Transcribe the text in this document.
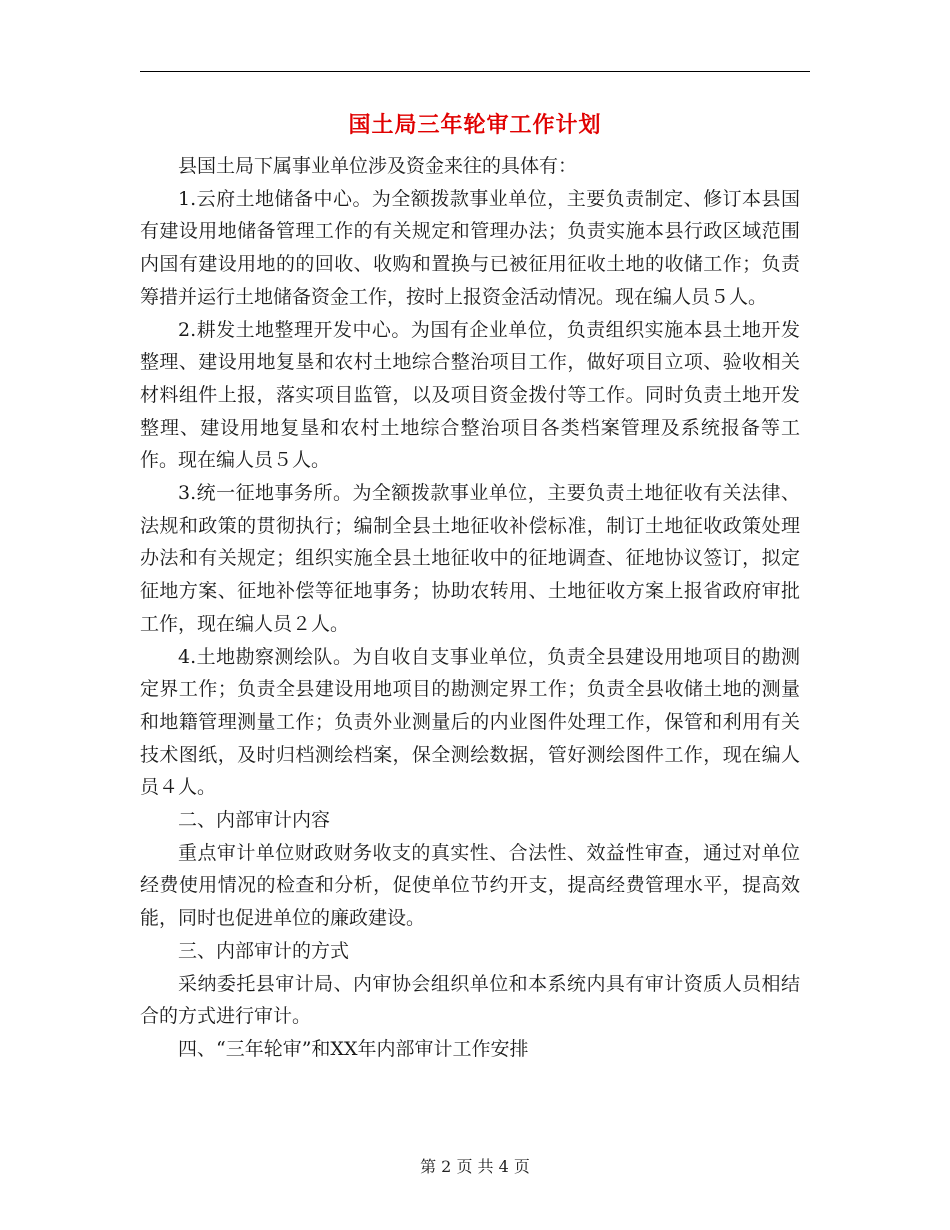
国土局三年轮审工作计划

县国土局下属事业单位涉及资金来往的具体有：

1.云府土地储备中心。为全额拨款事业单位，主要负责制定、修订本县国有建设用地储备管理工作的有关规定和管理办法；负责实施本县行政区域范围内国有建设用地的的回收、收购和置换与已被征用征收土地的收储工作；负责筹措并运行土地储备资金工作，按时上报资金活动情况。现在编人员５人。

2.耕发土地整理开发中心。为国有企业单位，负责组织实施本县土地开发整理、建设用地复垦和农村土地综合整治项目工作，做好项目立项、验收相关材料组件上报，落实项目监管，以及项目资金拨付等工作。同时负责土地开发整理、建设用地复垦和农村土地综合整治项目各类档案管理及系统报备等工作。现在编人员５人。

3.统一征地事务所。为全额拨款事业单位，主要负责土地征收有关法律、法规和政策的贯彻执行；编制全县土地征收补偿标准，制订土地征收政策处理办法和有关规定；组织实施全县土地征收中的征地调查、征地协议签订，拟定征地方案、征地补偿等征地事务；协助农转用、土地征收方案上报省政府审批工作，现在编人员２人。

4.土地勘察测绘队。为自收自支事业单位，负责全县建设用地项目的勘测定界工作；负责全县建设用地项目的勘测定界工作；负责全县收储土地的测量和地籍管理测量工作；负责外业测量后的内业图件处理工作，保管和利用有关技术图纸，及时归档测绘档案，保全测绘数据，管好测绘图件工作，现在编人员４人。

二、内部审计内容

重点审计单位财政财务收支的真实性、合法性、效益性审查，通过对单位经费使用情况的检查和分析，促使单位节约开支，提高经费管理水平，提高效能，同时也促进单位的廉政建设。

三、内部审计的方式

采纳委托县审计局、内审协会组织单位和本系统内具有审计资质人员相结合的方式进行审计。

四、“三年轮审”和XX年内部审计工作安排

第 2 页 共 4 页
